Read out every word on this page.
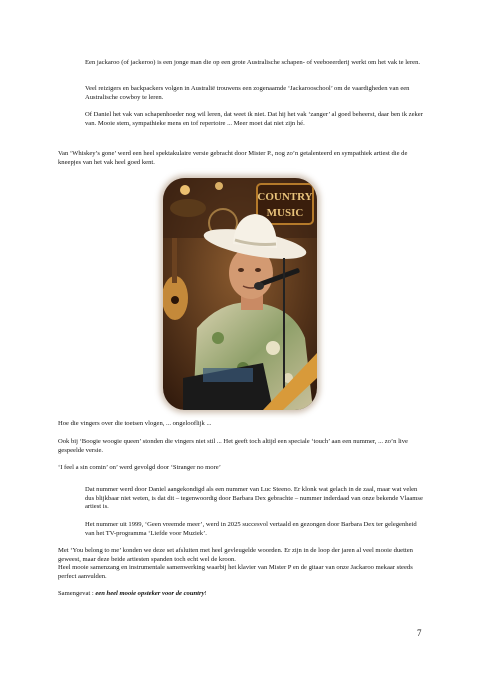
Een jackaroo (of jackeroo) is een jonge man die op een grote Australische schapen- of veeboeerderij werkt om het vak te leren.

Veel reizigers en backpackers volgen in Australië trouwens een zogenaamde ‘Jackarooschool’ om de vaardigheden van een Australische cowboy te leren.

Of Daniel het vak van schapenhoeder nog wil leren, dat weet ik niet. Dat hij het vak ‘zanger’ al goed beheerst, daar ben ik zeker van. Mooie stem, sympathieke mens en tof repertoire ... Meer moet dat niet zijn hé.

Van ‘Whiskey’s gone’ werd een heel spektakulaire versie gebracht door Mister P., nog zo’n getalenteerd en sympathiek artiest die de kneepjes van het vak heel goed kent.

COUNTRY
MUSIC

Hoe die vingers over die toetsen vlogen, ... ongelooflijk ...

Ook bij ‘Boogie woogie queen’ stonden die vingers niet stil ... Het geeft toch altijd een speciale ‘touch’ aan een nummer, ... zo’n live gespeelde versie.

‘I feel a sin comin’ on’ werd gevolgd door ‘Stranger no more’

Dat nummer werd door Daniel aangekondigd als een nummer van Luc Steeno. Er klonk wat gelach in de zaal, maar wat velen dus blijkbaar niet weten, is dat dit – tegenwoordig door Barbara Dex gebrachte – nummer inderdaad van onze bekende Vlaamse artiest is.

Het nummer uit 1999, ‘Geen vreemde meer’, werd in 2025 succesvol vertaald en gezongen door Barbara Dex ter gelegenheid van het TV-programma ‘Liefde voor Muziek’.

Met ‘You belong to me’ konden we deze set afsluiten met heel gevleugelde woorden. Er zijn in de loop der jaren al veel mooie duetten geweest, maar deze beide artiesten spanden toch echt wel de kroon.

Heel mooie samenzang en instrumentale samenwerking waarbij het klavier van Mister P en de gitaar van onze Jackaroo mekaar steeds perfect aanvulden.

Samengevat : een heel mooie opsteker voor de country!

7
